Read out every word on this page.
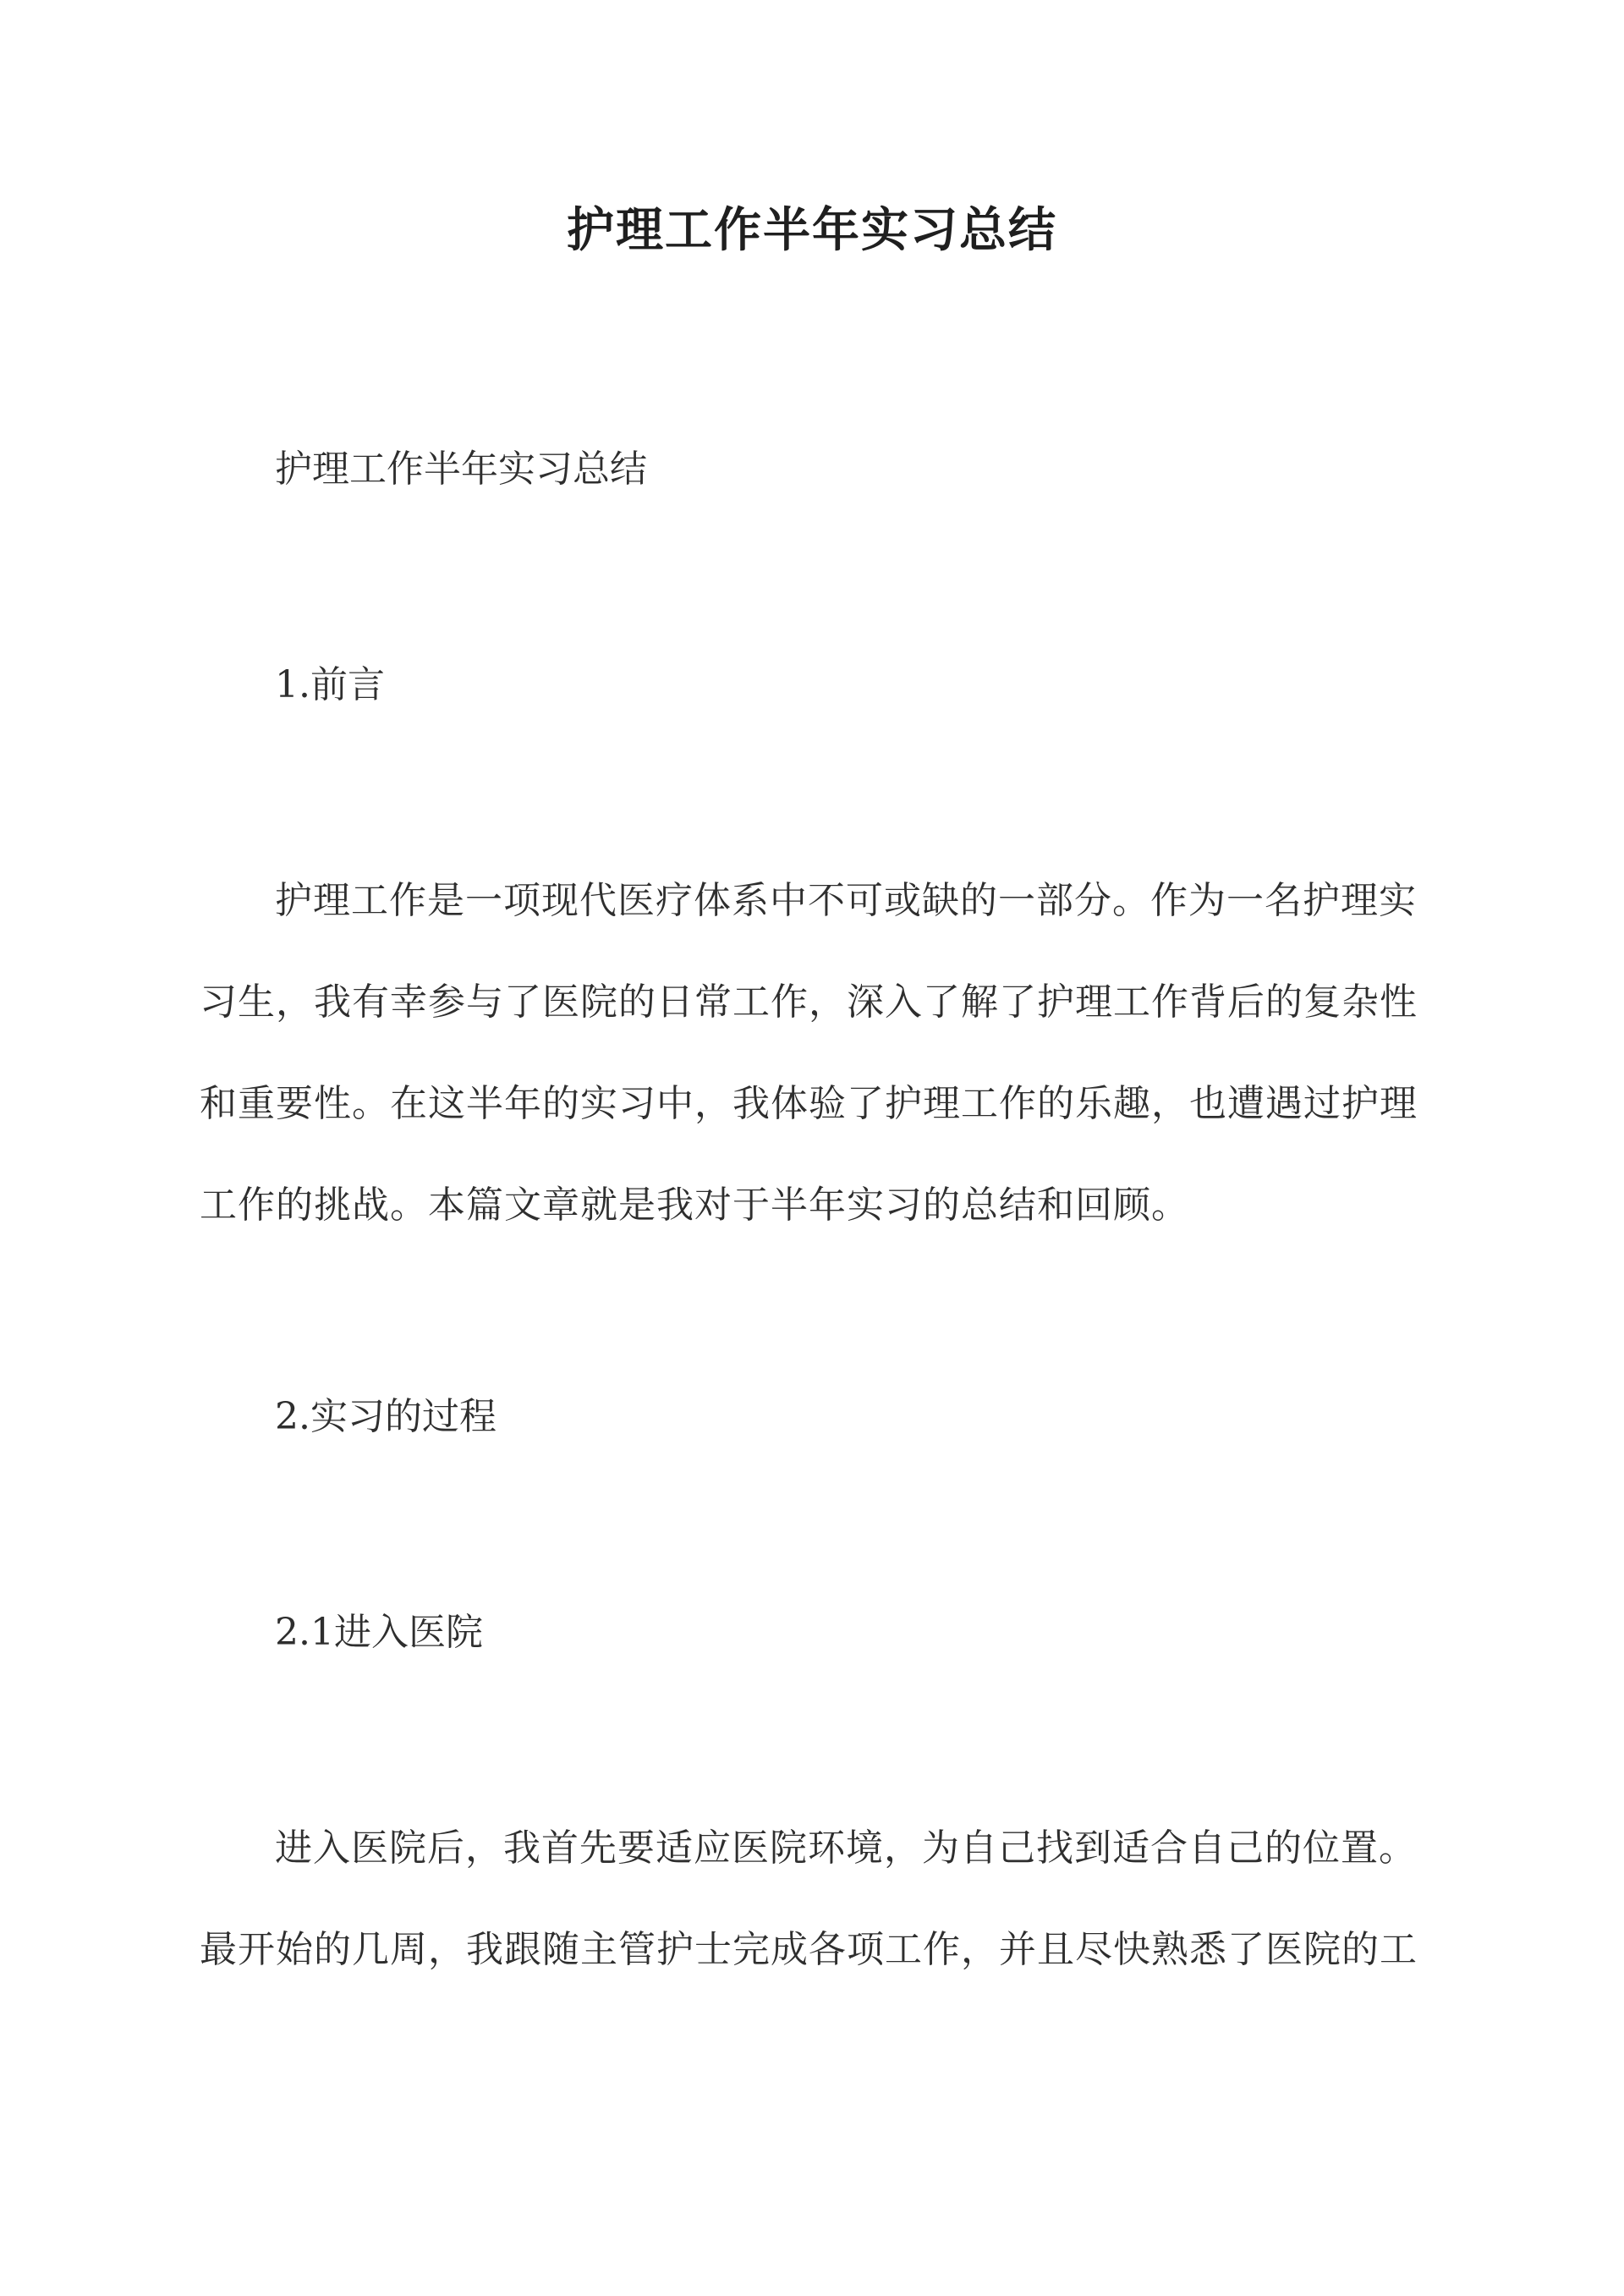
护理工作半年实习总结
护理工作半年实习总结
1.前言
护理工作是一项现代医疗体系中不可或缺的一部分。作为一名护理实
习生，我有幸参与了医院的日常工作，深入了解了护理工作背后的复杂性
和重要性。在这半年的实习中，我体验了护理工作的乐趣，也遭遇过护理
工作的挑战。本篇文章就是我对于半年实习的总结和回顾。
2.实习的过程
2.1进入医院
进入医院后，我首先要适应医院环境，为自己找到适合自己的位置。
最开始的几周，我跟随主管护士完成各项工作，并且尽快熟悉了医院的工
